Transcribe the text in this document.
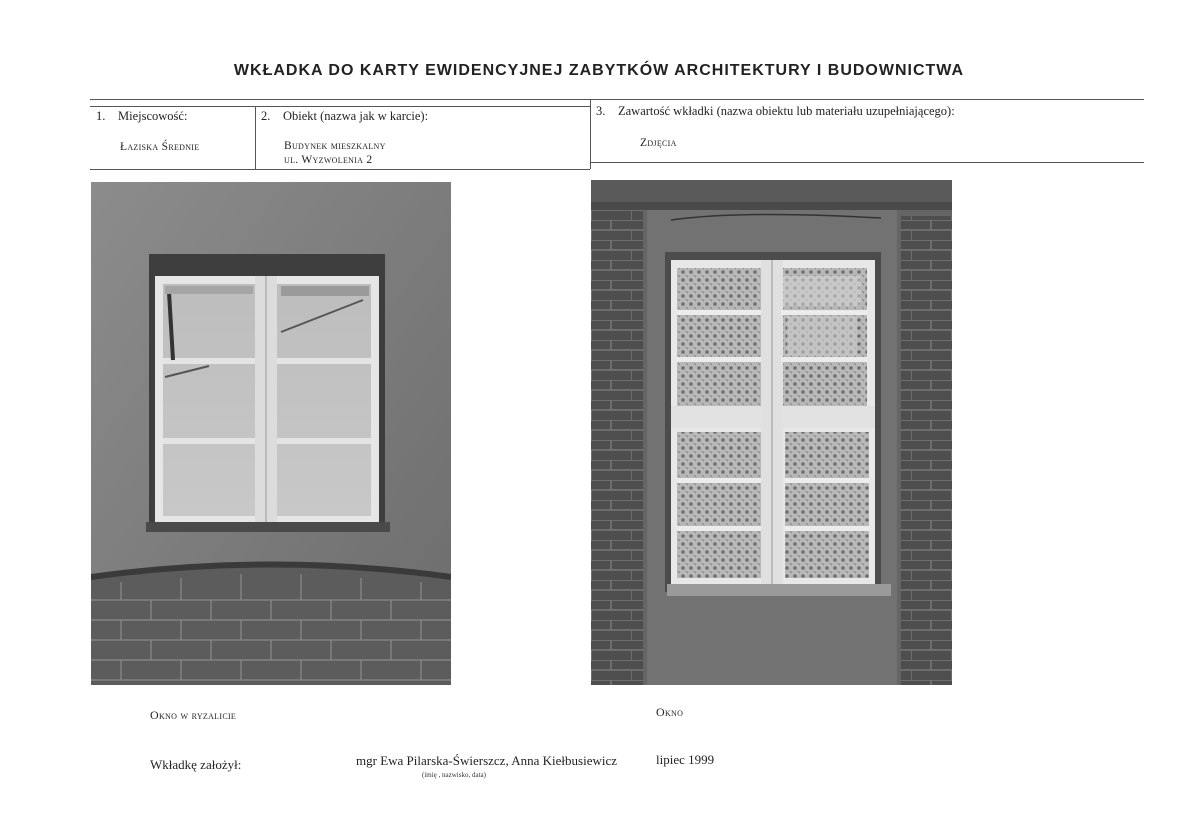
WKŁADKA DO KARTY EWIDENCYJNEJ ZABYTKÓW ARCHITEKTURY I BUDOWNICTWA
1. Miejscowość:
Łaziska Średnie
2. Obiekt (nazwa jak w karcie):
Budynek mieszkalny
ul. Wyzwolenia 2
3. Zawartość wkładki (nazwa obiektu lub materiału uzupełniającego):
Zdjęcia
Okno w ryzalicie	Okno
Wkładkę założył:	mgr Ewa Pilarska-Świerszcz, Anna Kiełbusiewicz	lipiec 1999
(imię , nazwisko, data)
